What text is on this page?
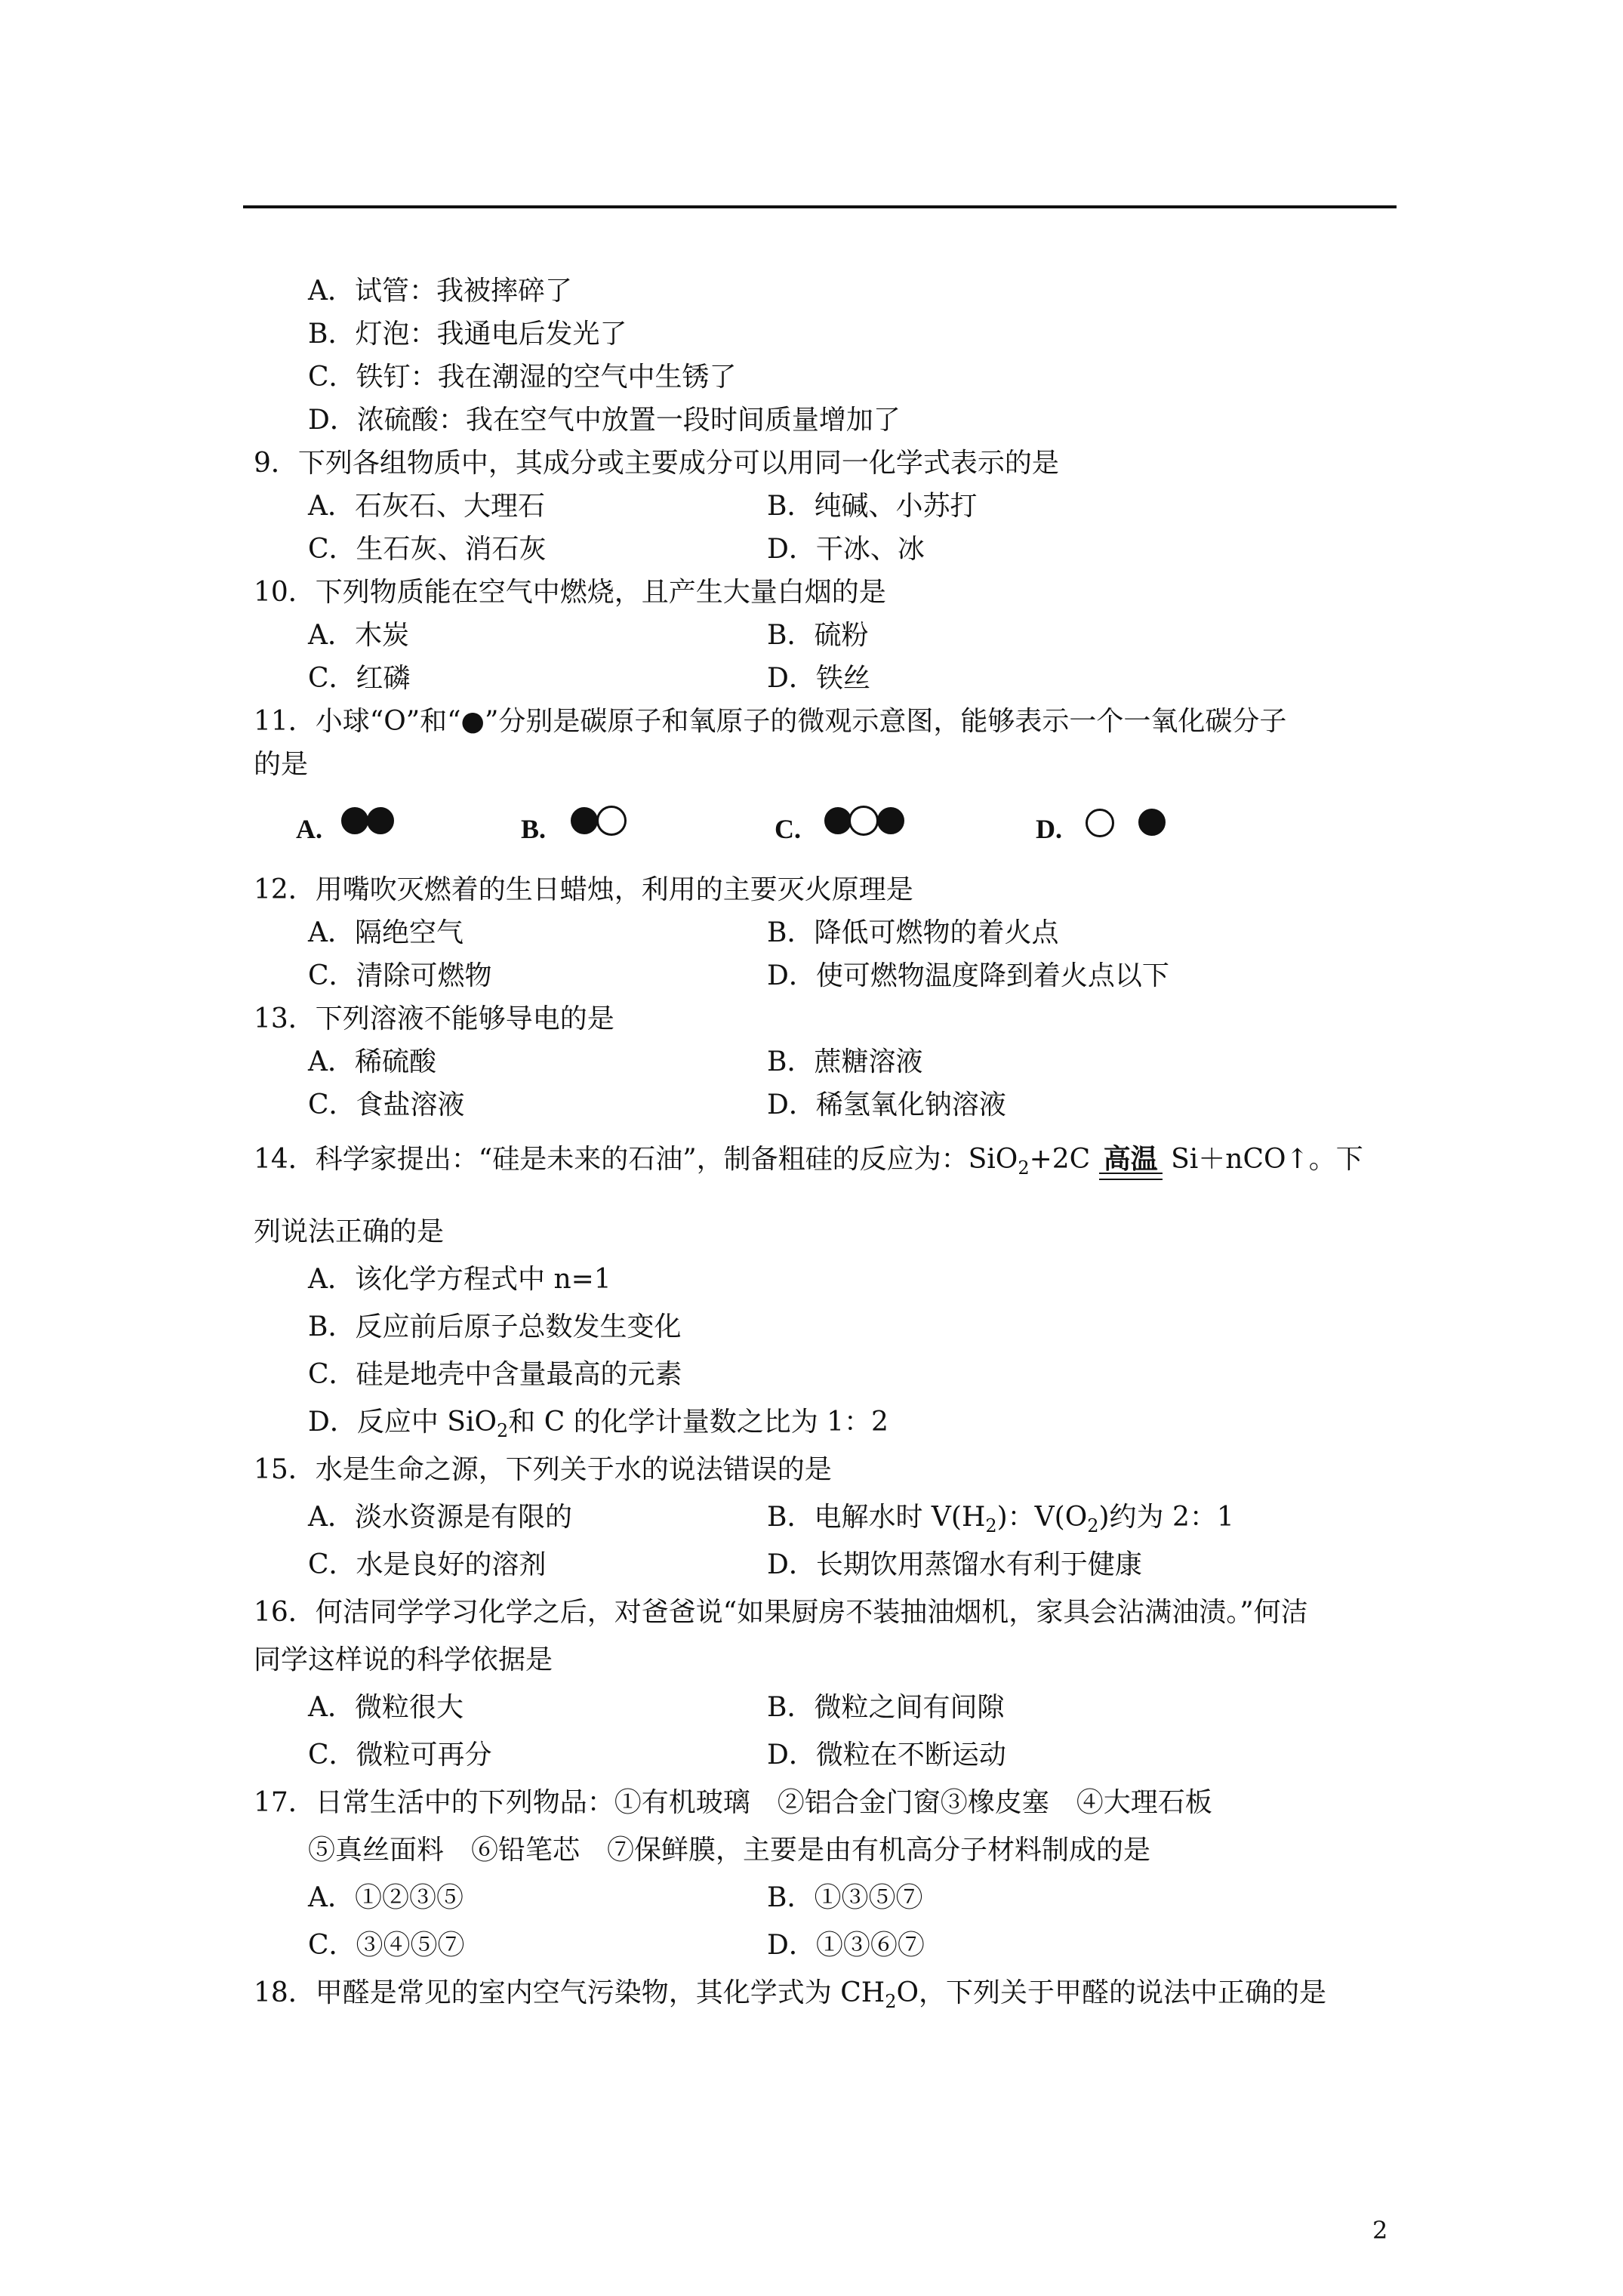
A．试管：我被摔碎了
B．灯泡：我通电后发光了
C．铁钉：我在潮湿的空气中生锈了
D．浓硫酸：我在空气中放置一段时间质量增加了
9．下列各组物质中，其成分或主要成分可以用同一化学式表示的是
A．石灰石、大理石	B．纯碱、小苏打
C．生石灰、消石灰	D．干冰、冰
10．下列物质能在空气中燃烧，且产生大量白烟的是
A．木炭	B．硫粉
C．红磷	D．铁丝
11．小球“O”和“●”分别是碳原子和氧原子的微观示意图，能够表示一个一氧化碳分子
的是
A.	B.	C.	D.
12．用嘴吹灭燃着的生日蜡烛，利用的主要灭火原理是
A．隔绝空气	B．降低可燃物的着火点
C．清除可燃物	D．使可燃物温度降到着火点以下
13．下列溶液不能够导电的是
A．稀硫酸	B．蔗糖溶液
C．食盐溶液	D．稀氢氧化钠溶液
14．科学家提出：“硅是未来的石油”，制备粗硅的反应为：SiO$_2$+2C 高温 Si＋nCO↑。下
列说法正确的是
A．该化学方程式中 n=1
B．反应前后原子总数发生变化
C．硅是地壳中含量最高的元素
D．反应中 SiO$_2$和 C 的化学计量数之比为 1：2
15．水是生命之源，下列关于水的说法错误的是
A．淡水资源是有限的	B．电解水时 $V(H_2)$：$V(O_2)$约为 2：1
C．水是良好的溶剂	D．长期饮用蒸馏水有利于健康
16．何洁同学学习化学之后，对爸爸说“如果厨房不装抽油烟机，家具会沾满油渍。”何洁
同学这样说的科学依据是
A．微粒很大	B．微粒之间有间隙
C．微粒可再分	D．微粒在不断运动
17．日常生活中的下列物品：①有机玻璃　②铝合金门窗③橡皮塞　④大理石板
⑤真丝面料　⑥铅笔芯　⑦保鲜膜，主要是由有机高分子材料制成的是
A．①②③⑤	B．①③⑤⑦
C．③④⑤⑦	D．①③⑥⑦
18．甲醛是常见的室内空气污染物，其化学式为 $CH_2O$，下列关于甲醛的说法中正确的是
2
